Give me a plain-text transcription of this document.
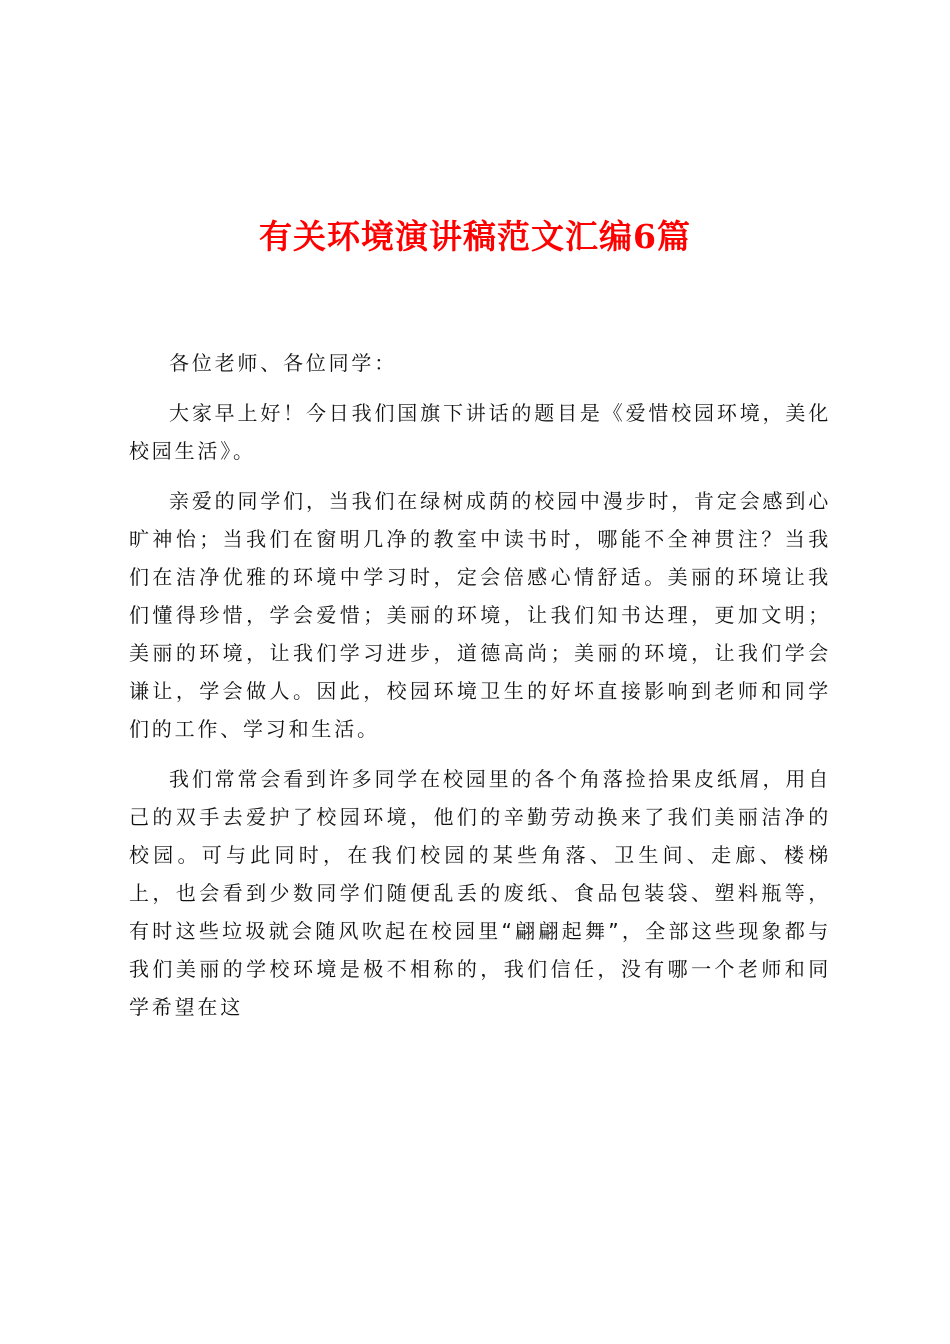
有关环境演讲稿范文汇编6篇

各位老师、各位同学：

大家早上好！今日我们国旗下讲话的题目是《爱惜校园环境，美化校园生活》。

亲爱的同学们，当我们在绿树成荫的校园中漫步时，肯定会感到心旷神怡；当我们在窗明几净的教室中读书时，哪能不全神贯注？当我们在洁净优雅的环境中学习时，定会倍感心情舒适。美丽的环境让我们懂得珍惜，学会爱惜；美丽的环境，让我们知书达理，更加文明；美丽的环境，让我们学习进步，道德高尚；美丽的环境，让我们学会谦让，学会做人。因此，校园环境卫生的好坏直接影响到老师和同学们的工作、学习和生活。

我们常常会看到许多同学在校园里的各个角落捡拾果皮纸屑，用自己的双手去爱护了校园环境，他们的辛勤劳动换来了我们美丽洁净的校园。可与此同时，在我们校园的某些角落、卫生间、走廊、楼梯上，也会看到少数同学们随便乱丢的废纸、食品包装袋、塑料瓶等，有时这些垃圾就会随风吹起在校园里“翩翩起舞”，全部这些现象都与我们美丽的学校环境是极不相称的，我们信任，没有哪一个老师和同学希望在这
